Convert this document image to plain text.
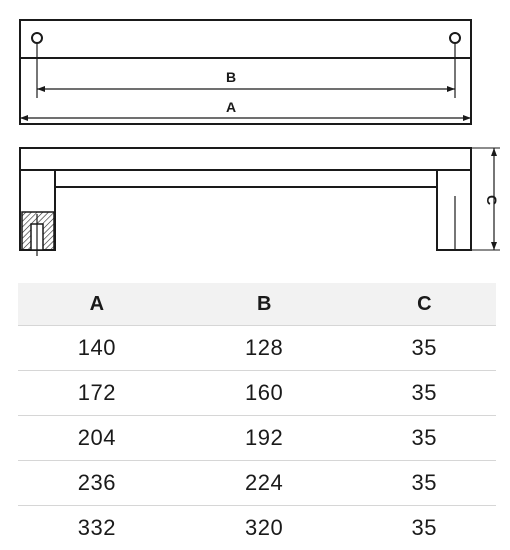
B
A
C
A	B	C
140	128	35
172	160	35
204	192	35
236	224	35
332	320	35
